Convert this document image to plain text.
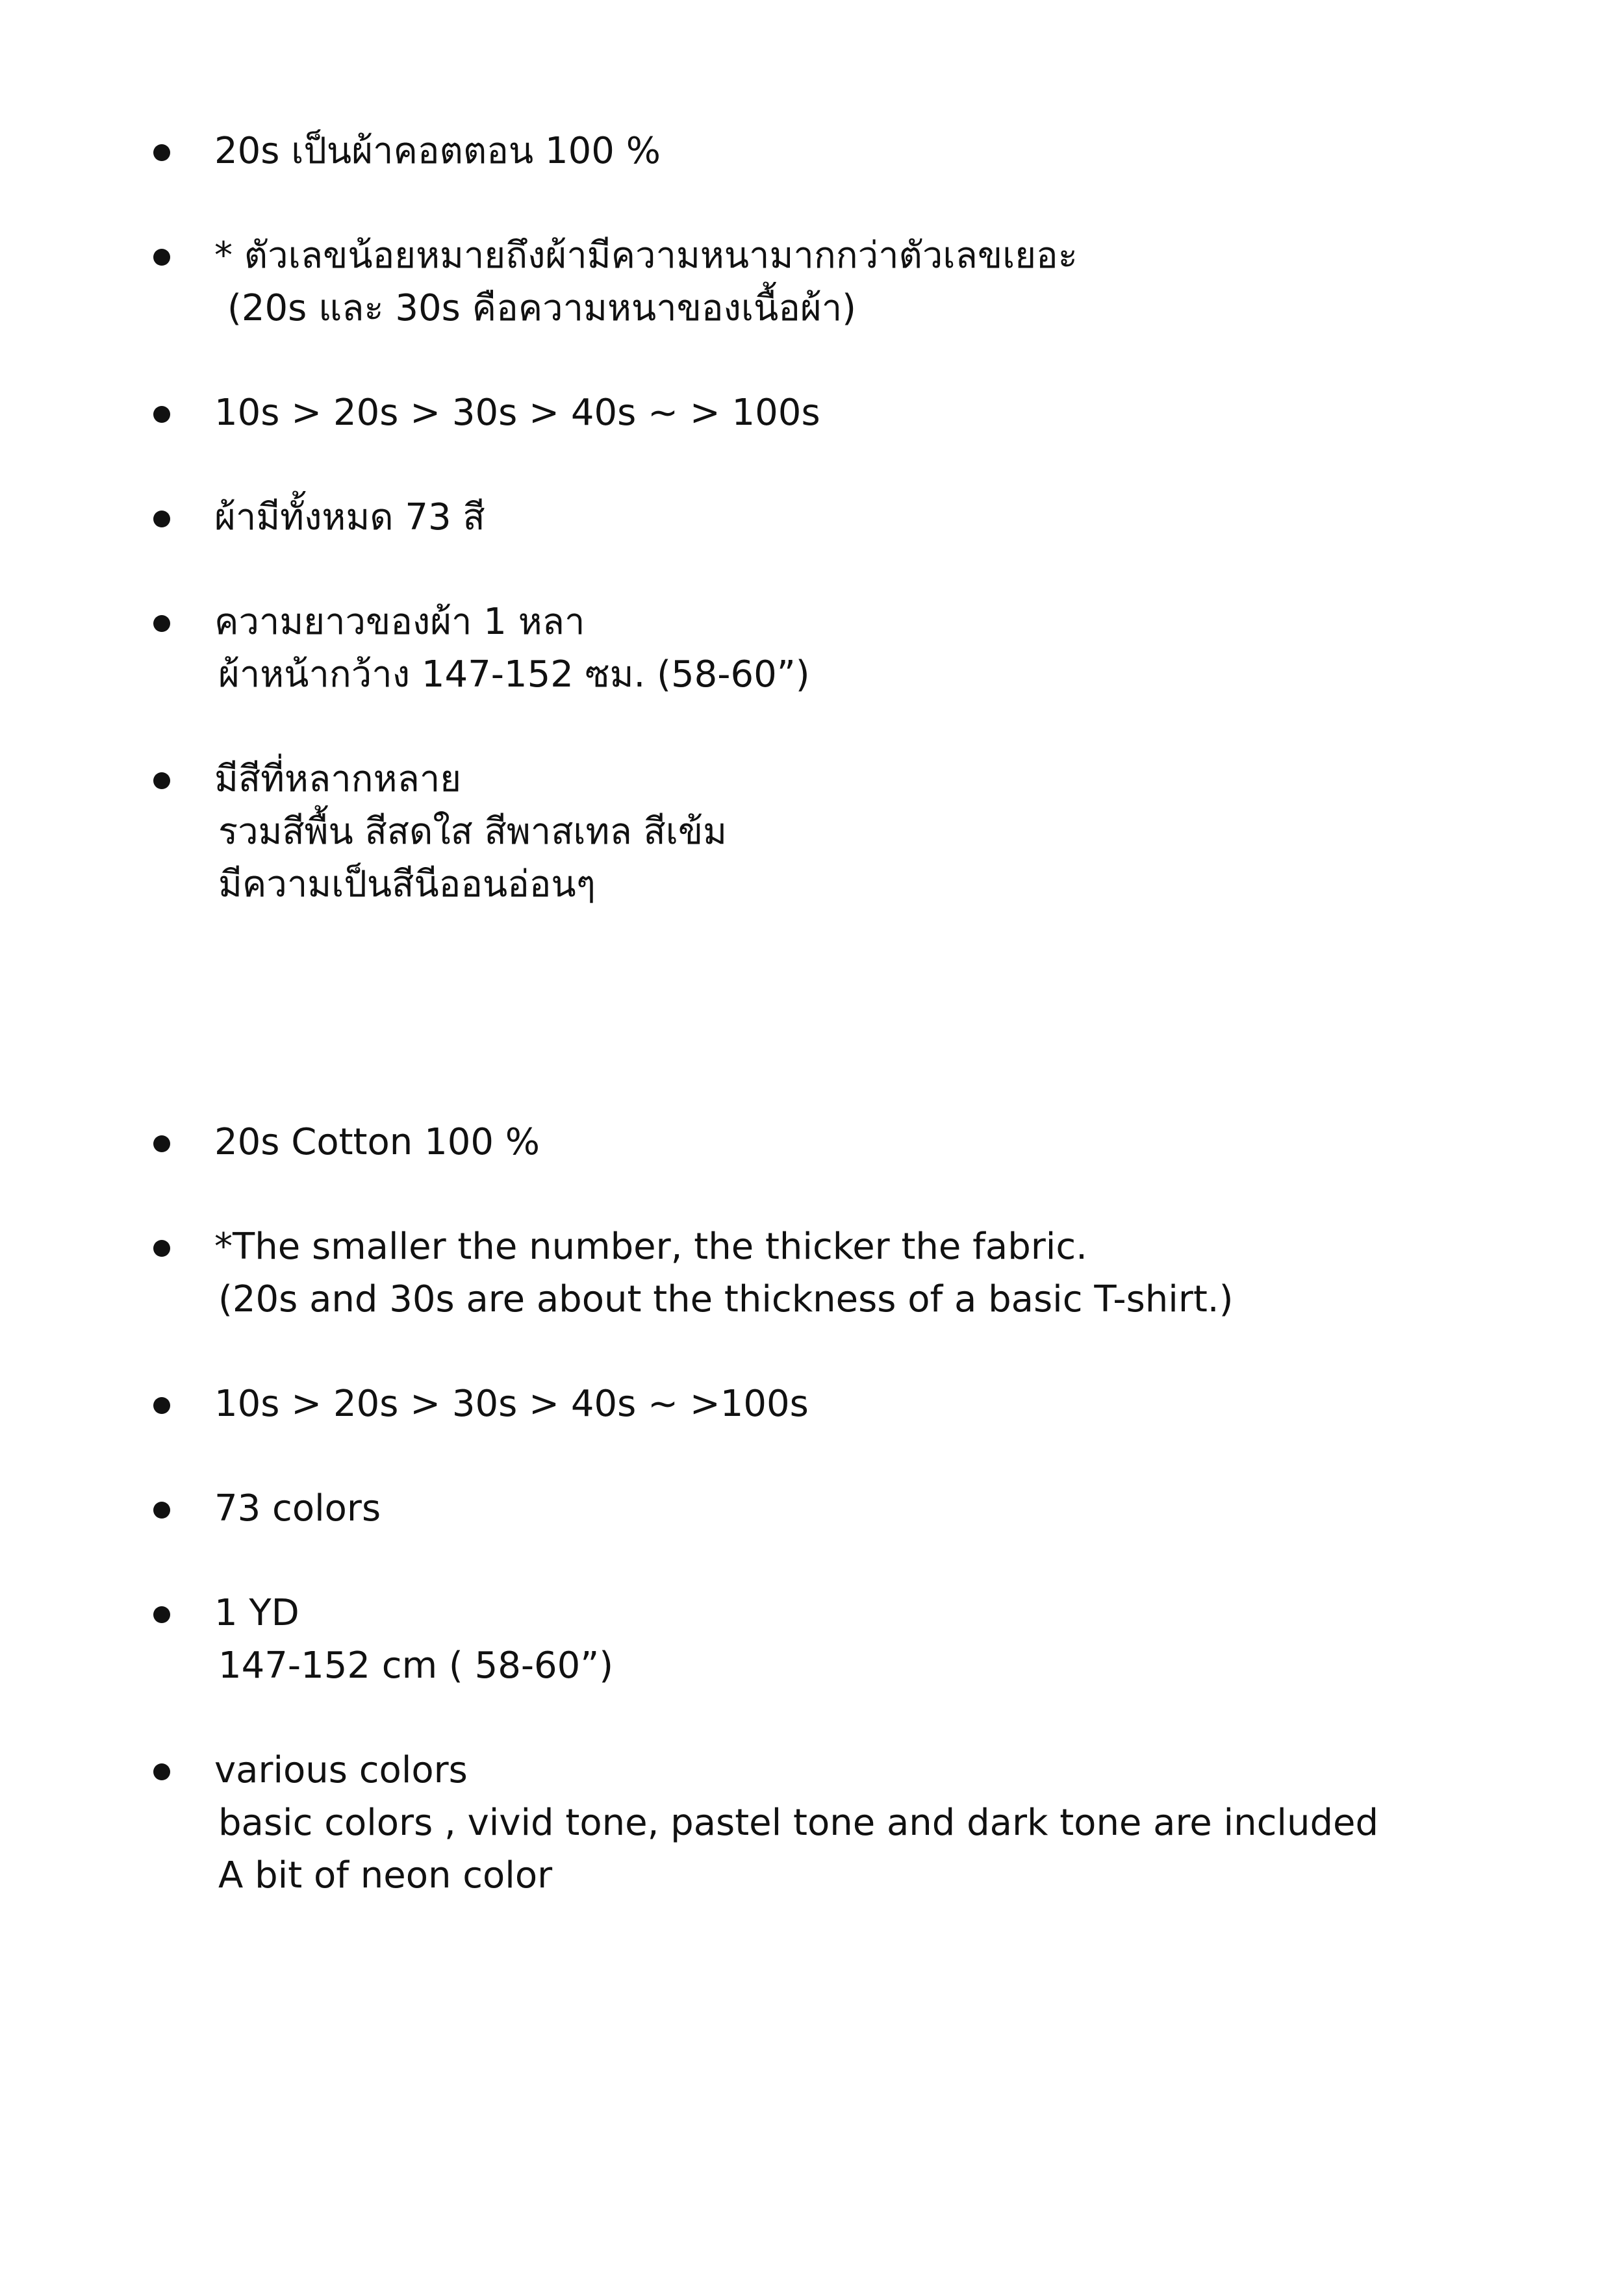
20s เป็นผ้าคอตตอน 100 %
* ตัวเลขน้อยหมายถึงผ้ามีความหนามากกว่าตัวเลขเยอะ
(20s และ 30s คือความหนาของเนื้อผ้า)
10s > 20s > 30s > 40s ~ > 100s
ผ้ามีทั้งหมด 73 สี
ความยาวของผ้า 1 หลา
ผ้าหน้ากว้าง 147-152 ซม. (58-60”)
มีสีที่หลากหลาย
รวมสีพื้น สีสดใส สีพาสเทล สีเข้ม
มีความเป็นสีนีออนอ่อนๆ
20s Cotton 100 %
*The smaller the number, the thicker the fabric.
(20s and 30s are about the thickness of a basic T-shirt.)
10s > 20s > 30s > 40s ~ >100s
73 colors
1 YD
147-152 cm ( 58-60”)
various colors
basic colors , vivid tone, pastel tone and dark tone are included
A bit of neon color
